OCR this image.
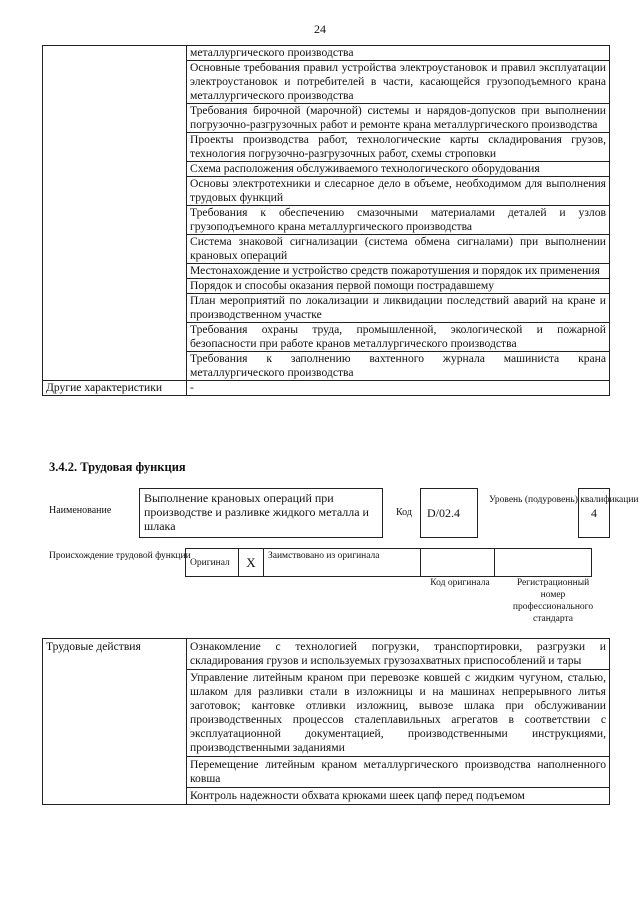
24
	металлургического производства
	Основные требования правил устройства электроустановок и правил эксплуатации электроустановок и потребителей в части, касающейся грузоподъемного крана металлургического производства
	Требования бирочной (марочной) системы и нарядов-допусков при выполнении погрузочно-разгрузочных работ и ремонте крана металлургического производства
	Проекты производства работ, технологические карты складирования грузов, технология погрузочно-разгрузочных работ, схемы строповки
	Схема расположения обслуживаемого технологического оборудования
	Основы электротехники и слесарное дело в объеме, необходимом для выполнения трудовых функций
	Требования к обеспечению смазочными материалами деталей и узлов грузоподъемного крана металлургического производства
	Система знаковой сигнализации (система обмена сигналами) при выполнении крановых операций
	Местонахождение и устройство средств пожаротушения и порядок их применения
	Порядок и способы оказания первой помощи пострадавшему
	План мероприятий по локализации и ликвидации последствий аварий на кране и производственном участке
	Требования охраны труда, промышленной, экологической и пожарной безопасности при работе кранов металлургического производства
	Требования к заполнению вахтенного журнала машиниста крана металлургического производства
Другие характеристики	-
3.4.2. Трудовая функция
Наименование
Выполнение крановых операций при производстве и разливке жидкого металла и шлака
Код	D/02.4
Уровень (подуровень) квалификации
4
Происхождение трудовой функции
Оригинал	X	Заимствовано из оригинала		
Код оригинала	Регистрационный номер профессионального стандарта
Трудовые действия	Ознакомление с технологией погрузки, транспортировки, разгрузки и складирования грузов и используемых грузозахватных приспособлений и тары
Управление литейным краном при перевозке ковшей с жидким чугуном, сталью, шлаком для разливки стали в изложницы и на машинах непрерывного литья заготовок; кантовке отливки изложниц, вывозе шлака при обслуживании производственных процессов сталеплавильных агрегатов в соответствии с эксплуатационной документацией, производственными инструкциями, производственными заданиями
Перемещение литейным краном металлургического производства наполненного ковша
Контроль надежности обхвата крюками шеек цапф перед подъемом
